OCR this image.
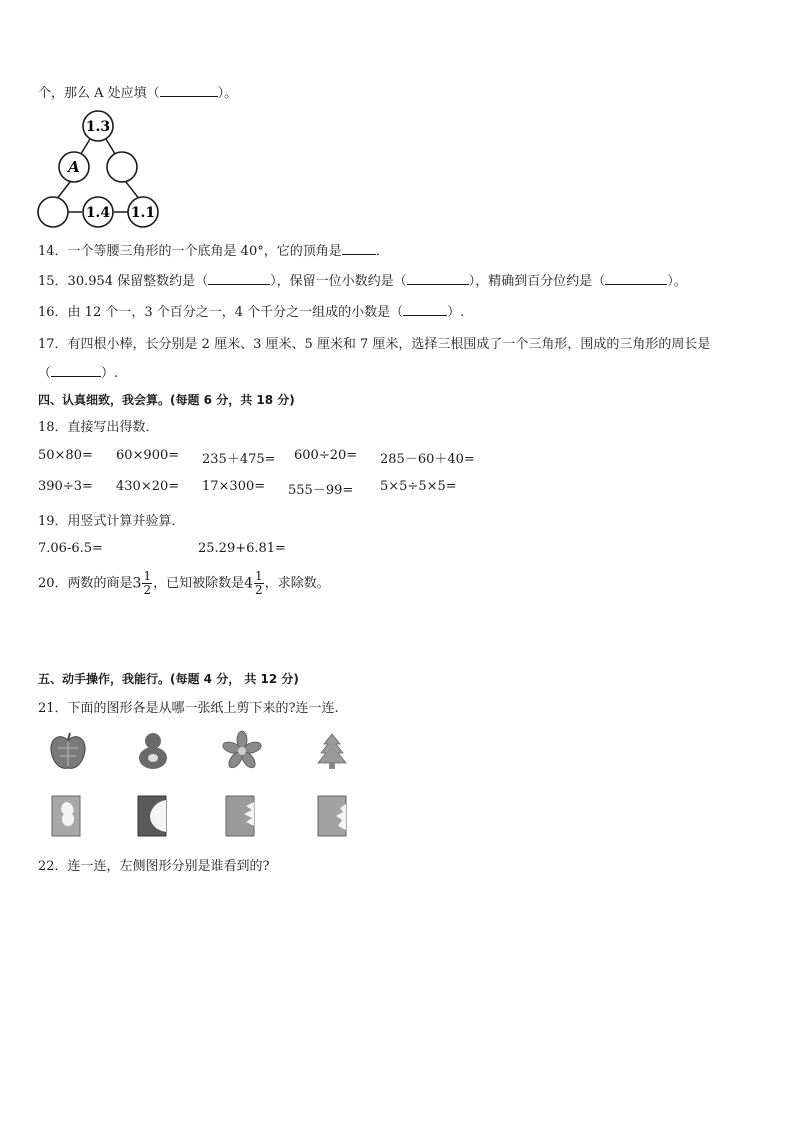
个，那么 A 处应填（	）。
1.3
A
1.4 1.1
14．一个等腰三角形的一个底角是 40°，它的顶角是	．
15．30.954 保留整数约是（	），保留一位小数约是（	），精确到百分位约是（	）。
16．由 12 个一，3 个百分之一，4 个千分之一组成的小数是（	）.
17．有四根小棒，长分别是 2 厘米、3 厘米、5 厘米和 7 厘米，选择三根围成了一个三角形，围成的三角形的周长是
（	）.
四、认真细致，我会算。(每题 6 分，共 18 分)
18．直接写出得数．
50×80= 60×900= 235＋475= 600÷20= 285－60＋40=
390÷3= 430×20= 17×300= 555－99= 5×5÷5×5=
19．用竖式计算并验算．
7.06-6.5=	25.29+6.81=
20．两数的商是$3 \frac{1}{2}$ ，已知被除数是$4 \frac{1}{2}$ ，求除数。
五、动手操作，我能行。(每题 4 分， 共 12 分)
21．下面的图形各是从哪一张纸上剪下来的?连一连.
22．连一连，左侧图形分别是谁看到的?
